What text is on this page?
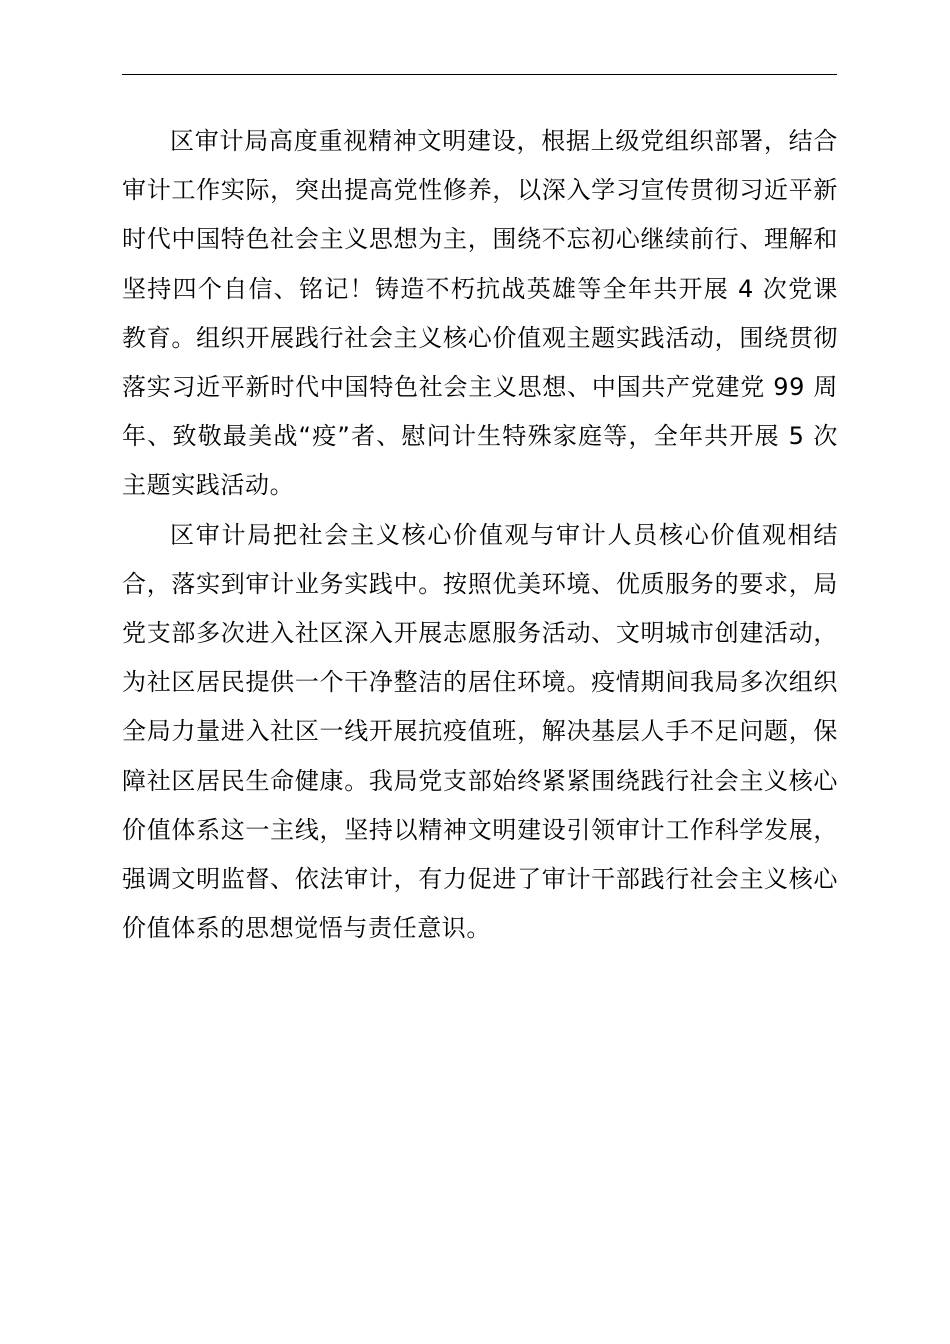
区审计局高度重视精神文明建设，根据上级党组织部署，结合审计工作实际，突出提高党性修养，以深入学习宣传贯彻习近平新时代中国特色社会主义思想为主，围绕不忘初心继续前行、理解和坚持四个自信、铭记！铸造不朽抗战英雄等全年共开展 4 次党课教育。组织开展践行社会主义核心价值观主题实践活动，围绕贯彻落实习近平新时代中国特色社会主义思想、中国共产党建党 99 周年、致敬最美战“疫”者、慰问计生特殊家庭等，全年共开展 5 次主题实践活动。

区审计局把社会主义核心价值观与审计人员核心价值观相结合，落实到审计业务实践中。按照优美环境、优质服务的要求，局党支部多次进入社区深入开展志愿服务活动、文明城市创建活动，为社区居民提供一个干净整洁的居住环境。疫情期间我局多次组织全局力量进入社区一线开展抗疫值班，解决基层人手不足问题，保障社区居民生命健康。我局党支部始终紧紧围绕践行社会主义核心价值体系这一主线，坚持以精神文明建设引领审计工作科学发展，强调文明监督、依法审计，有力促进了审计干部践行社会主义核心价值体系的思想觉悟与责任意识。
